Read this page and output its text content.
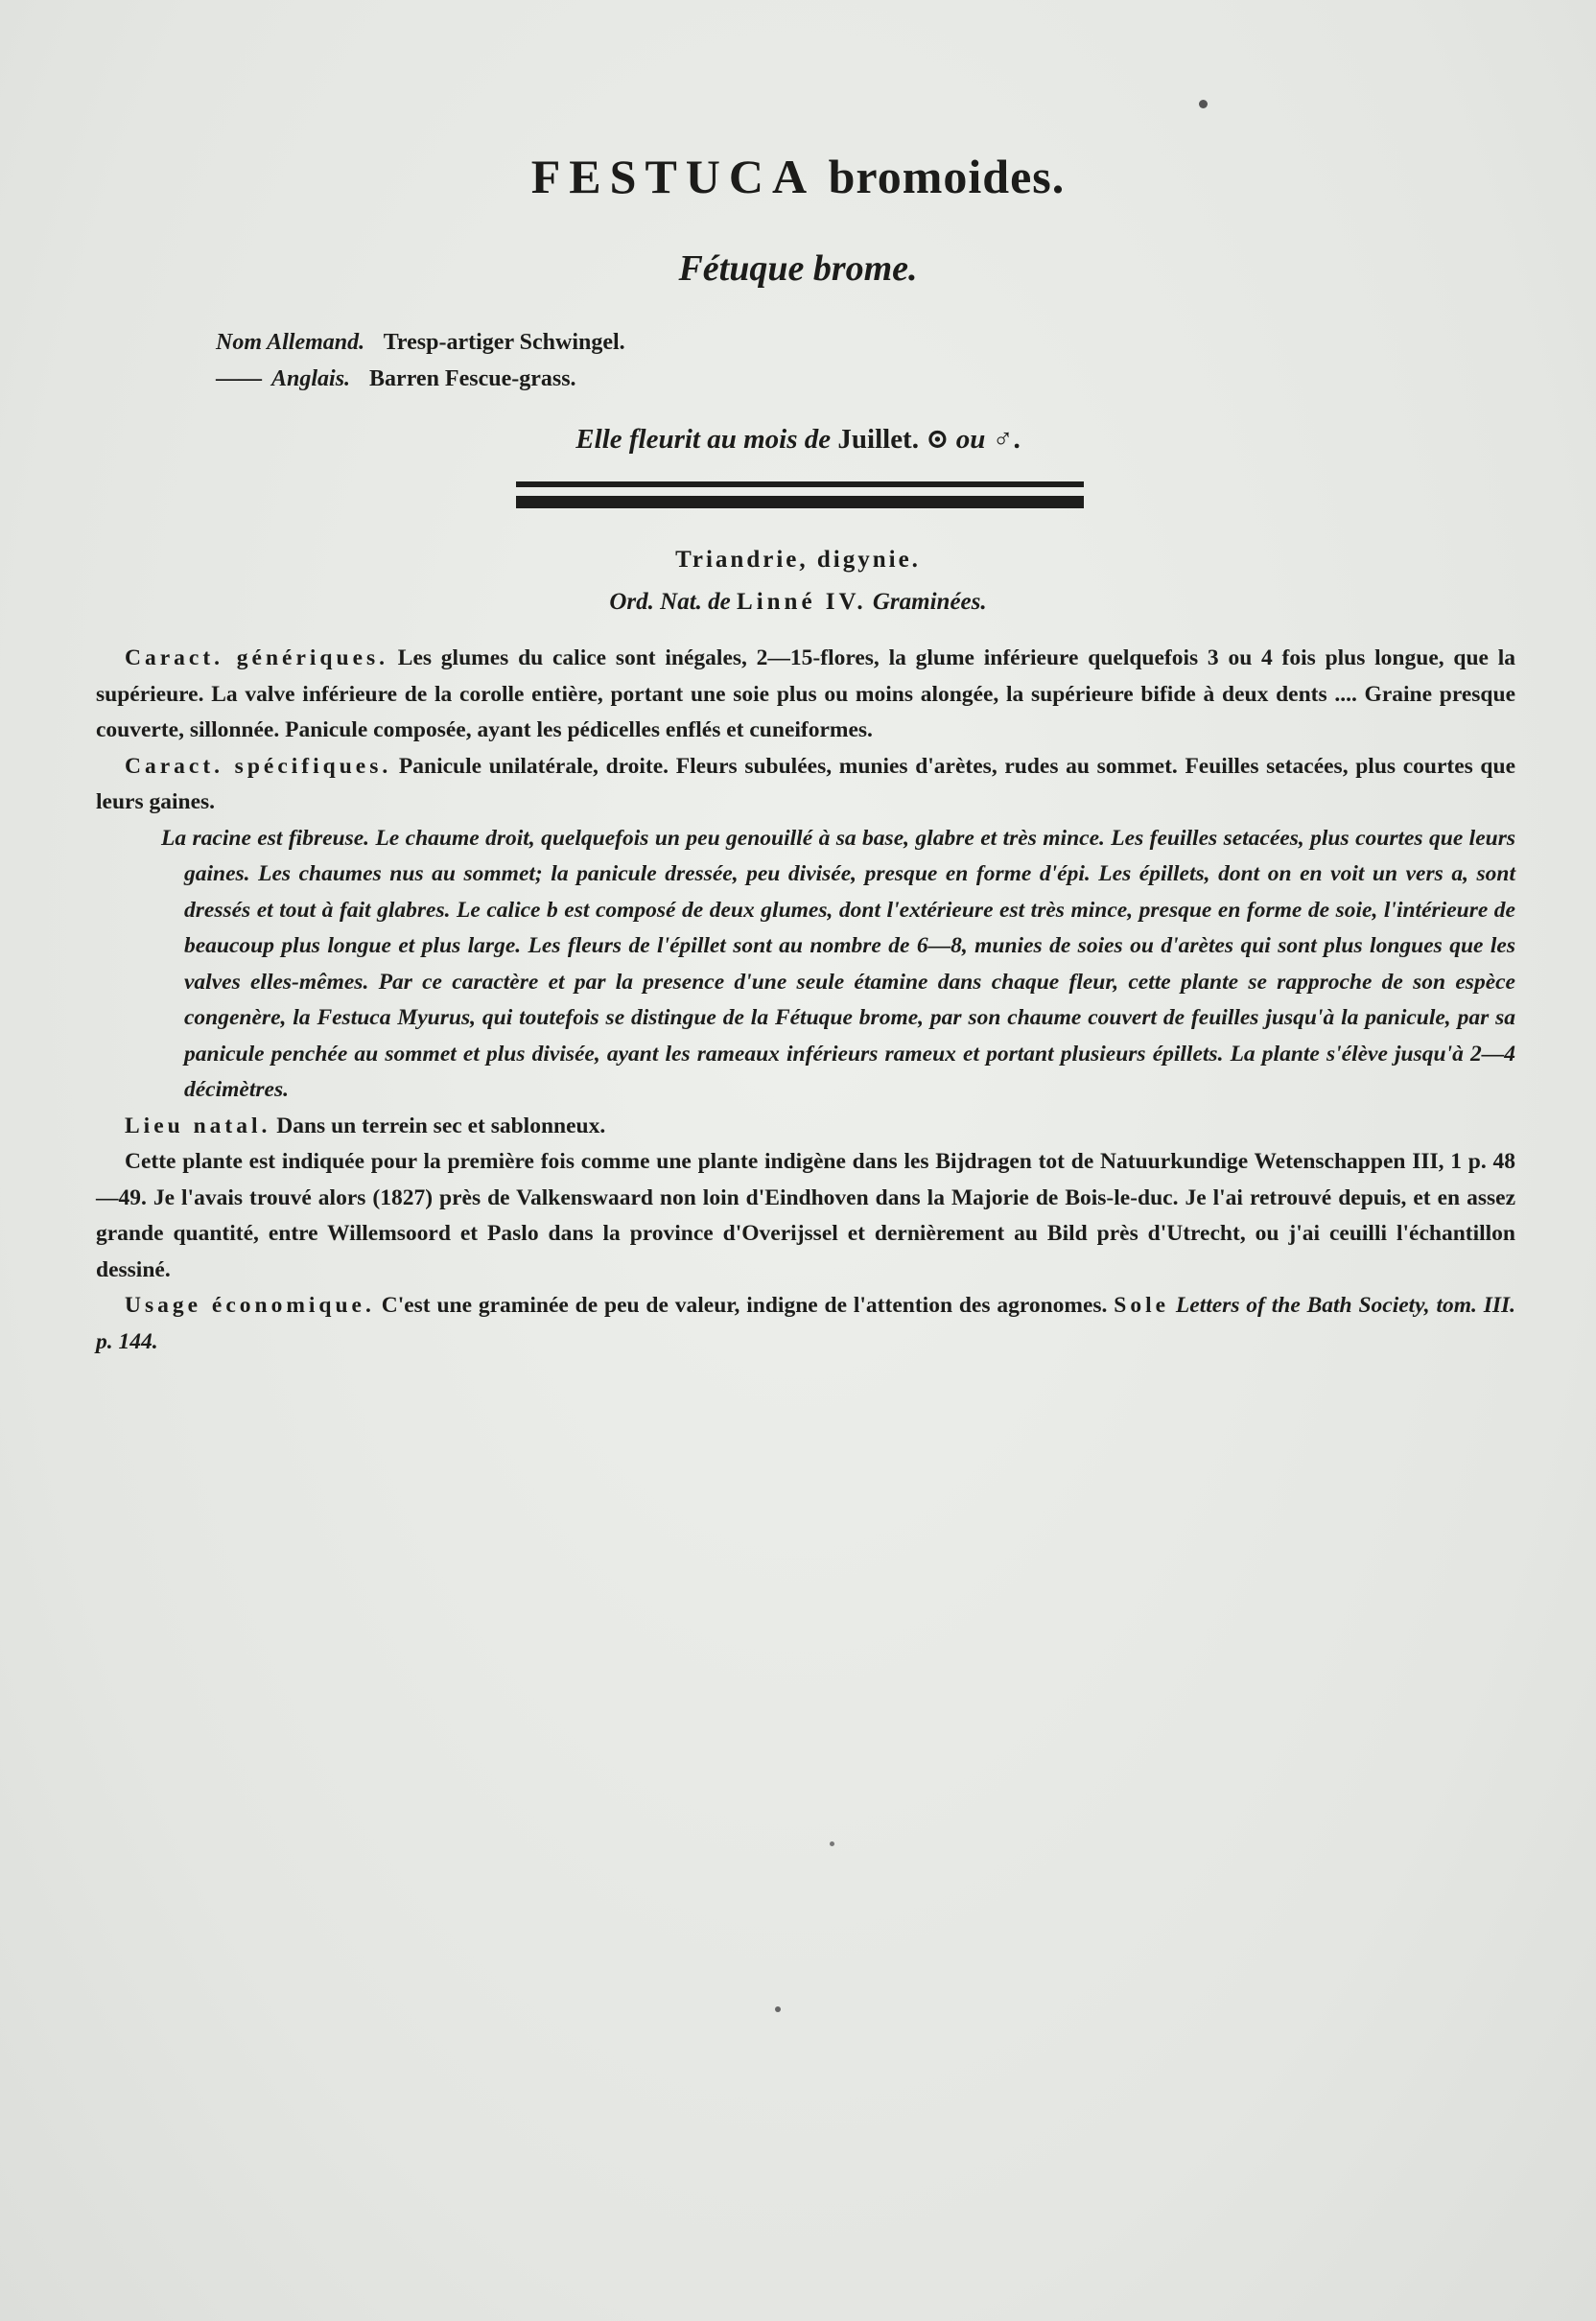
FESTUCA bromoides.
Fétuque brome.
Nom Allemand. Tresp-artiger Schwingel.
—— Anglais. Barren Fescue-grass.
Elle fleurit au mois de Juillet. ⊙ ou ♂.
Triandrie, digynie.
Ord. Nat. de Linné IV. Graminées.

Caract. génériques. Les glumes du calice sont inégales, 2—15-flores, la glume inférieure quelquefois 3 ou 4 fois plus longue, que la supérieure. La valve inférieure de la corolle entière, portant une soie plus ou moins alongée, la supérieure bifide à deux dents .... Graine presque couverte, sillonnée. Panicule composée, ayant les pédicelles enflés et cuneiformes.

Caract. spécifiques. Panicule unilatérale, droite. Fleurs subulées, munies d'arètes, rudes au sommet. Feuilles setacées, plus courtes que leurs gaines.

La racine est fibreuse. Le chaume droit, quelquefois un peu genouillé à sa base, glabre et très mince. Les feuilles setacées, plus courtes que leurs gaines. Les chaumes nus au sommet; la panicule dressée, peu divisée, presque en forme d'épi. Les épillets, dont on en voit un vers a, sont dressés et tout à fait glabres. Le calice b est composé de deux glumes, dont l'extérieure est très mince, presque en forme de soie, l'intérieure de beaucoup plus longue et plus large. Les fleurs de l'épillet sont au nombre de 6—8, munies de soies ou d'arètes qui sont plus longues que les valves elles-mêmes. Par ce caractère et par la presence d'une seule étamine dans chaque fleur, cette plante se rapproche de son espèce congenère, la Festuca Myurus, qui toutefois se distingue de la Fétuque brome, par son chaume couvert de feuilles jusqu'à la panicule, par sa panicule penchée au sommet et plus divisée, ayant les rameaux inférieurs rameux et portant plusieurs épillets. La plante s'élève jusqu'à 2—4 décimètres.

Lieu natal. Dans un terrein sec et sablonneux.

Cette plante est indiquée pour la première fois comme une plante indigène dans les Bijdragen tot de Natuurkundige Wetenschappen III, 1 p. 48—49. Je l'avais trouvé alors (1827) près de Valkenswaard non loin d'Eindhoven dans la Majorie de Bois-le-duc. Je l'ai retrouvé depuis, et en assez grande quantité, entre Willemsoord et Paslo dans la province d'Overijssel et dernièrement au Bild près d'Utrecht, ou j'ai ceuilli l'échantillon dessiné.

Usage économique. C'est une graminée de peu de valeur, indigne de l'attention des agronomes. Sole Letters of the Bath Society, tom. III. p. 144.
